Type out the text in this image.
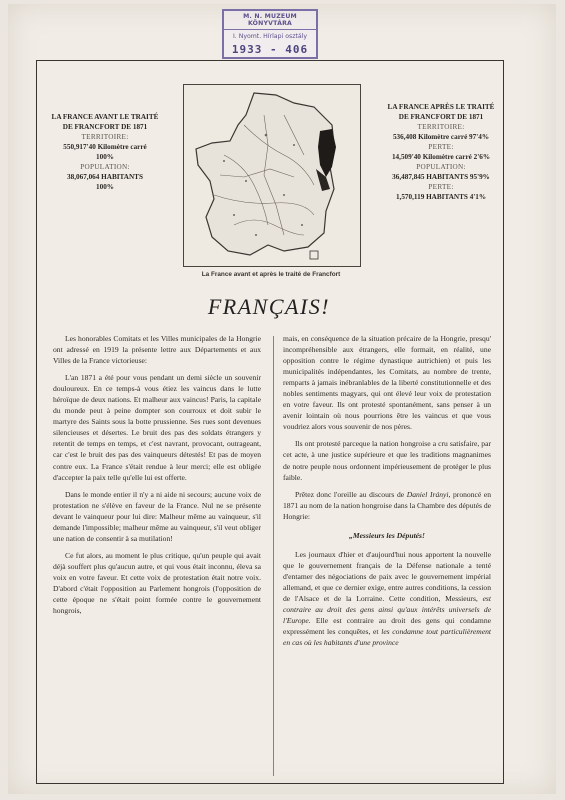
M. N. MUZEUM KÖNYVTÁRA
I. Nyomt. Hírlapi osztály
1933 - 406
LA FRANCE AVANT LE TRAITÉ DE FRANCFORT DE 1871
TERRITOIRE:
550,917'40 Kilomètre carré
100%
POPULATION:
38,067,064 HABITANTS
100%
La France avant et après le traité de Francfort
LA FRANCE APRÈS LE TRAITÉ DE FRANCFORT DE 1871
TERRITOIRE:
536,408 Kilomètre carré 97'4%
PERTE:
14,509'40 Kilomètre carré 2'6%
POPULATION:
36,487,845 HABITANTS 95'9%
PERTE:
1,570,119 HABITANTS 4'1%
FRANÇAIS!

Les honorables Comitats et les Villes municipales de la Hongrie ont adressé en 1919 la présente lettre aux Départements et aux Villes de la France victorieuse:

L'an 1871 a été pour vous pendant un demi siècle un souvenir douloureux. En ce temps-à vous étiez les vaincus dans le lutte héroïque de deux nations. Et malheur aux vaincus! Paris, la capitale du monde peut à peine dompter son courroux et doit subir le martyre des Saints sous la botte prussienne. Ses rues sont devenues silencieuses et désertes. Le bruit des pas des soldats étrangers y retentit de temps en temps, et c'est navrant, provocant, outrageant, car c'est le bruit des pas des vainqueurs détestés! Et pas de moyen contre eux. La France s'était rendue à leur merci; elle est obligée d'accepter la paix telle qu'elle lui est offerte.

Dans le monde entier il n'y a ni aide ni secours; aucune voix de protestation ne s'élève en faveur de la France. Nul ne se présente devant le vainqueur pour lui dire: Malheur même au vainqueur, s'il demande l'impossible; malheur même au vainqueur, s'il veut obliger une nation de consentir à sa mutilation!

Ce fut alors, au moment le plus critique, qu'un peuple qui avait déjà souffert plus qu'aucun autre, et qui vous était inconnu, éleva sa voix en votre faveur. Et cette voix de protestation était notre voix. D'abord c'était l'opposition au Parlement hongrois (l'opposition de cette époque ne s'était point formée contre le gouvernement hongrois,

mais, en conséquence de la situation précaire de la Hongrie, presqu' incompréhensible aux étrangers, elle formait, en réalité, une opposition contre le régime dynastique autrichien) et puis les municipalités indépendantes, les Comitats, au nombre de trente, remparts à jamais inébranlables de la liberté constitutionnelle et des nobles sentiments magyars, qui ont élevé leur voix de protestation en votre faveur. Ils ont protesté spontanément, sans penser à un avenir lointain où nous pourrions être les vaincus et que vous voudriez alors vous souvenir de nos pères.

Ils ont protesté parceque la nation hongroise a cru satisfaire, par cet acte, à une justice supérieure et que les traditions magnanimes de notre peuple nous ordonnent impérieusement de protéger le plus faible.

Prêtez donc l'oreille au discours de Daniel Irányi, prononcé en 1871 au nom de la nation hongroise dans la Chambre des députés de Hongrie:

„Messieurs les Députés!

Les journaux d'hier et d'aujourd'hui nous apportent la nouvelle que le gouvernement français de la Défense nationale a tenté d'entamer des négociations de paix avec le gouvernement impérial allemand, et que ce dernier exige, entre autres conditions, la cession de l'Alsace et de la Lorraine. Cette condition, Messieurs, est contraire au droit des gens ainsi qu'aux intérêts universels de l'Europe. Elle est contraire au droit des gens qui condamne expressément les conquêtes, et les condamne tout particulièrement en cas où les habitants d'une province
